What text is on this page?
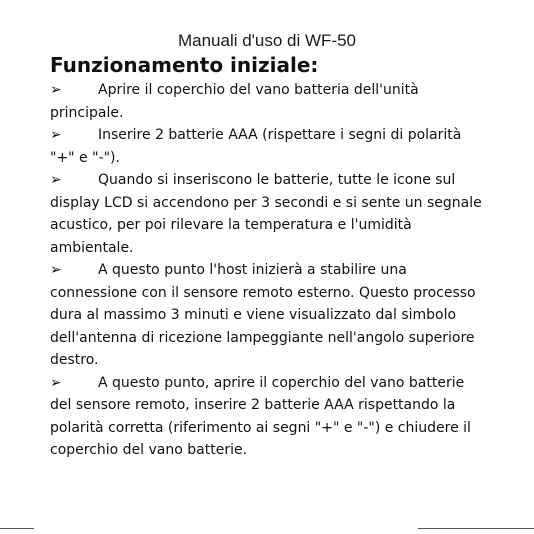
Manuali d'uso di WF-50
Funzionamento iniziale:

➢	Aprire il coperchio del vano batteria dell'unità principale.

➢	Inserire 2 batterie AAA (rispettare i segni di polarità "+" e "-").

➢	Quando si inseriscono le batterie, tutte le icone sul display LCD si accendono per 3 secondi e si sente un segnale acustico, per poi rilevare la temperatura e l'umidità ambientale.

➢	A questo punto l'host inizierà a stabilire una connessione con il sensore remoto esterno. Questo processo dura al massimo 3 minuti e viene visualizzato dal simbolo dell'antenna di ricezione lampeggiante nell'angolo superiore destro.

➢	A questo punto, aprire il coperchio del vano batterie del sensore remoto, inserire 2 batterie AAA rispettando la polarità corretta (riferimento ai segni "+" e "-") e chiudere il coperchio del vano batterie.
